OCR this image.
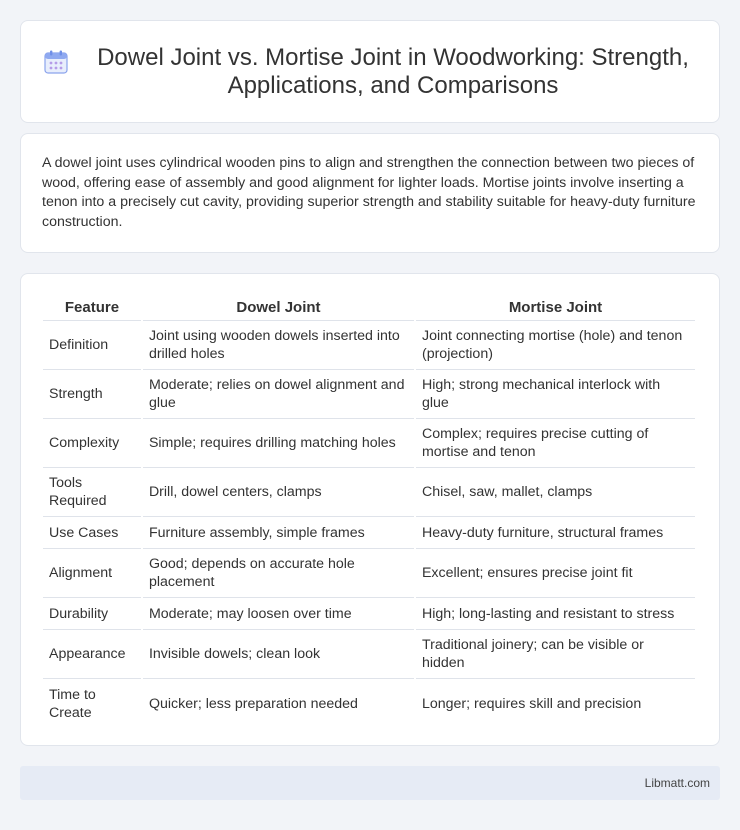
Dowel Joint vs. Mortise Joint in Woodworking: Strength, Applications, and Comparisons

A dowel joint uses cylindrical wooden pins to align and strengthen the connection between two pieces of wood, offering ease of assembly and good alignment for lighter loads. Mortise joints involve inserting a tenon into a precisely cut cavity, providing superior strength and stability suitable for heavy-duty furniture construction.

Feature	Dowel Joint	Mortise Joint
Definition	Joint using wooden dowels inserted into drilled holes	Joint connecting mortise (hole) and tenon (projection)
Strength	Moderate; relies on dowel alignment and glue	High; strong mechanical interlock with glue
Complexity	Simple; requires drilling matching holes	Complex; requires precise cutting of mortise and tenon
Tools Required	Drill, dowel centers, clamps	Chisel, saw, mallet, clamps
Use Cases	Furniture assembly, simple frames	Heavy-duty furniture, structural frames
Alignment	Good; depends on accurate hole placement	Excellent; ensures precise joint fit
Durability	Moderate; may loosen over time	High; long-lasting and resistant to stress
Appearance	Invisible dowels; clean look	Traditional joinery; can be visible or hidden
Time to Create	Quicker; less preparation needed	Longer; requires skill and precision
Libmatt.com
